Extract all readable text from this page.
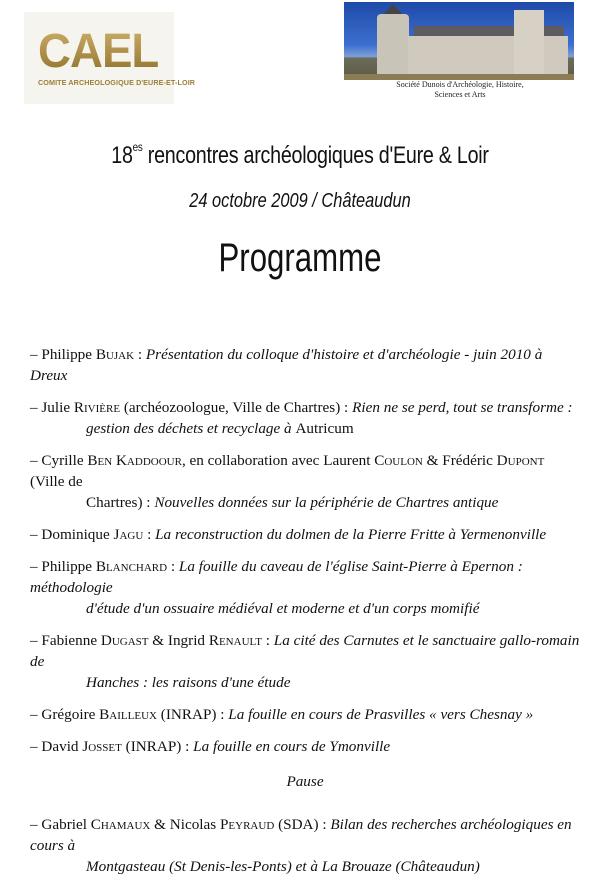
CAEL
COMITE ARCHEOLOGIQUE D'EURE-ET-LOIR	Société Dunois d'Archéologie, Histoire,
Sciences et Arts
$18^{es}$ rencontres archéologiques d'Eure & Loir
24 octobre 2009 / Châteaudun
Programme
– Philippe Bujak : Présentation du colloque d'histoire et d'archéologie - juin 2010 à Dreux
– Julie Rivière (archéozoologue, Ville de Chartres) : Rien ne se perd, tout se transforme :
gestion des déchets et recyclage à Autricum
– Cyrille Ben Kaddoour, en collaboration avec Laurent Coulon & Frédéric Dupont (Ville de
Chartres) : Nouvelles données sur la périphérie de Chartres antique
– Dominique Jagu : La reconstruction du dolmen de la Pierre Fritte à Yermenonville
– Philippe Blanchard : La fouille du caveau de l'église Saint-Pierre à Epernon : méthodologie
d'étude d'un ossuaire médiéval et moderne et d'un corps momifié
– Fabienne Dugast & Ingrid Renault : La cité des Carnutes et le sanctuaire gallo-romain de
Hanches : les raisons d'une étude
– Grégoire Bailleux (INRAP) : La fouille en cours de Prasvilles « vers Chesnay »
– David Josset (INRAP) : La fouille en cours de Ymonville
Pause
– Gabriel Chamaux & Nicolas Peyraud (SDA) : Bilan des recherches archéologiques en cours à
Montgasteau (St Denis-les-Ponts) et à La Brouaze (Châteaudun)
